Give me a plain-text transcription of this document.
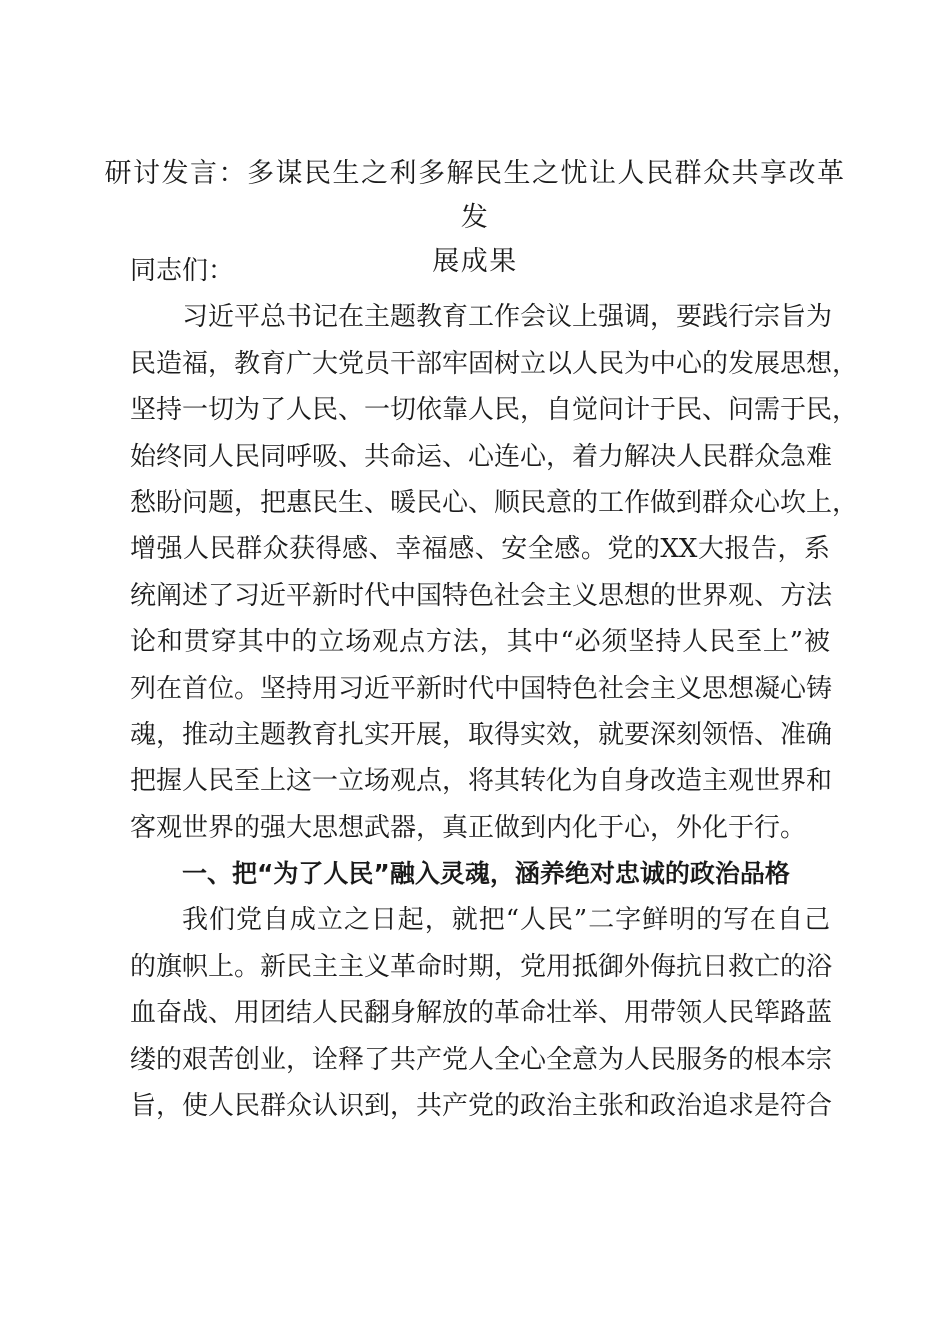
研讨发言：多谋民生之利多解民生之忧让人民群众共享改革发
展成果
同志们：
习近平总书记在主题教育工作会议上强调，要践行宗旨为
民造福，教育广大党员干部牢固树立以人民为中心的发展思想，
坚持一切为了人民、一切依靠人民，自觉问计于民、问需于民，
始终同人民同呼吸、共命运、心连心，着力解决人民群众急难
愁盼问题，把惠民生、暖民心、顺民意的工作做到群众心坎上，
增强人民群众获得感、幸福感、安全感。党的XX大报告，系
统阐述了习近平新时代中国特色社会主义思想的世界观、方法
论和贯穿其中的立场观点方法，其中“必须坚持人民至上”被
列在首位。坚持用习近平新时代中国特色社会主义思想凝心铸
魂，推动主题教育扎实开展，取得实效，就要深刻领悟、准确
把握人民至上这一立场观点，将其转化为自身改造主观世界和
客观世界的强大思想武器，真正做到内化于心，外化于行。
一、把“为了人民”融入灵魂，涵养绝对忠诚的政治品格
我们党自成立之日起，就把“人民”二字鲜明的写在自己
的旗帜上。新民主主义革命时期，党用抵御外侮抗日救亡的浴
血奋战、用团结人民翻身解放的革命壮举、用带领人民筚路蓝
缕的艰苦创业，诠释了共产党人全心全意为人民服务的根本宗
旨，使人民群众认识到，共产党的政治主张和政治追求是符合
